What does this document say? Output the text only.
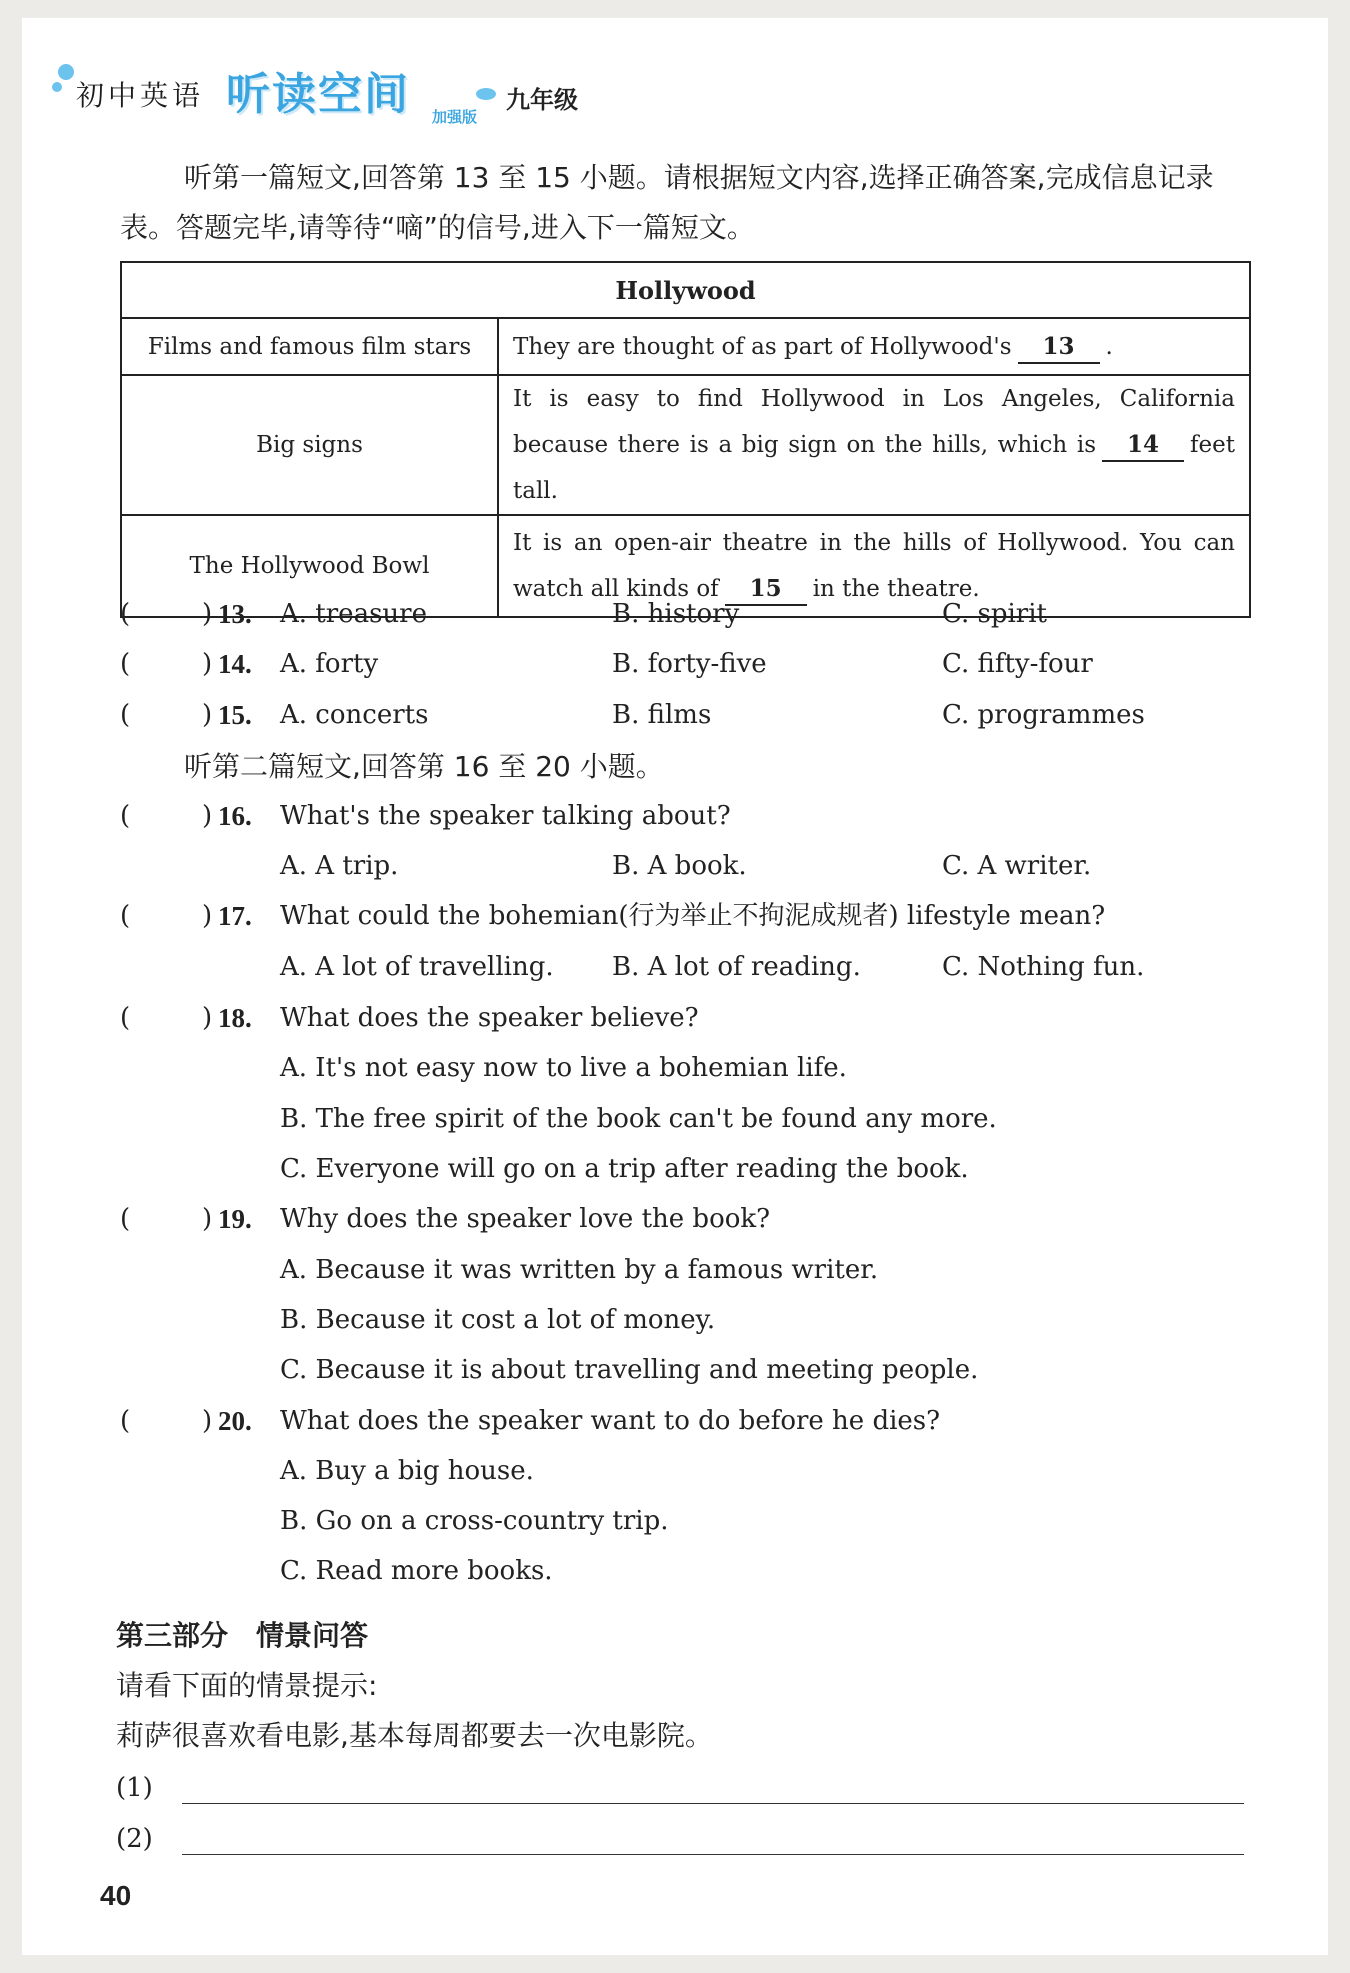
初中英语 听读空间 加强版
九年级
听第一篇短文,回答第 13 至 15 小题。请根据短文内容,选择正确答案,完成信息记录表。答题完毕,请等待“嘀”的信号,进入下一篇短文。
Hollywood	
Films and famous film stars	They are thought of as part of Hollywood's 13 .
Big signs	It is easy to find Hollywood in Los Angeles, California because there is a big sign on the hills, which is 14 feet tall.
The Hollywood Bowl	It is an open-air theatre in the hills of Hollywood. You can watch all kinds of 15 in the theatre.
(	) 13. A. treasure	B. history	C. spirit
(	) 14. A. forty	B. forty-five	C. fifty-four
(	) 15. A. concerts	B. films	C. programmes
听第二篇短文,回答第 16 至 20 小题。
(	) 16. What's the speaker talking about?
A. A trip.	B. A book.	C. A writer.
(	) 17. What could the bohemian(行为举止不拘泥成规者) lifestyle mean?
A. A lot of travelling. B. A lot of reading.	C. Nothing fun.
(	) 18. What does the speaker believe?
A. It's not easy now to live a bohemian life.
B. The free spirit of the book can't be found any more.
C. Everyone will go on a trip after reading the book.
(	) 19. Why does the speaker love the book?
A. Because it was written by a famous writer.
B. Because it cost a lot of money.
C. Because it is about travelling and meeting people.
(	) 20. What does the speaker want to do before he dies?
A. Buy a big house.
B. Go on a cross-country trip.
C. Read more books.
第三部分　情景问答
请看下面的情景提示:
莉萨很喜欢看电影,基本每周都要去一次电影院。
(1)
(2)
40
